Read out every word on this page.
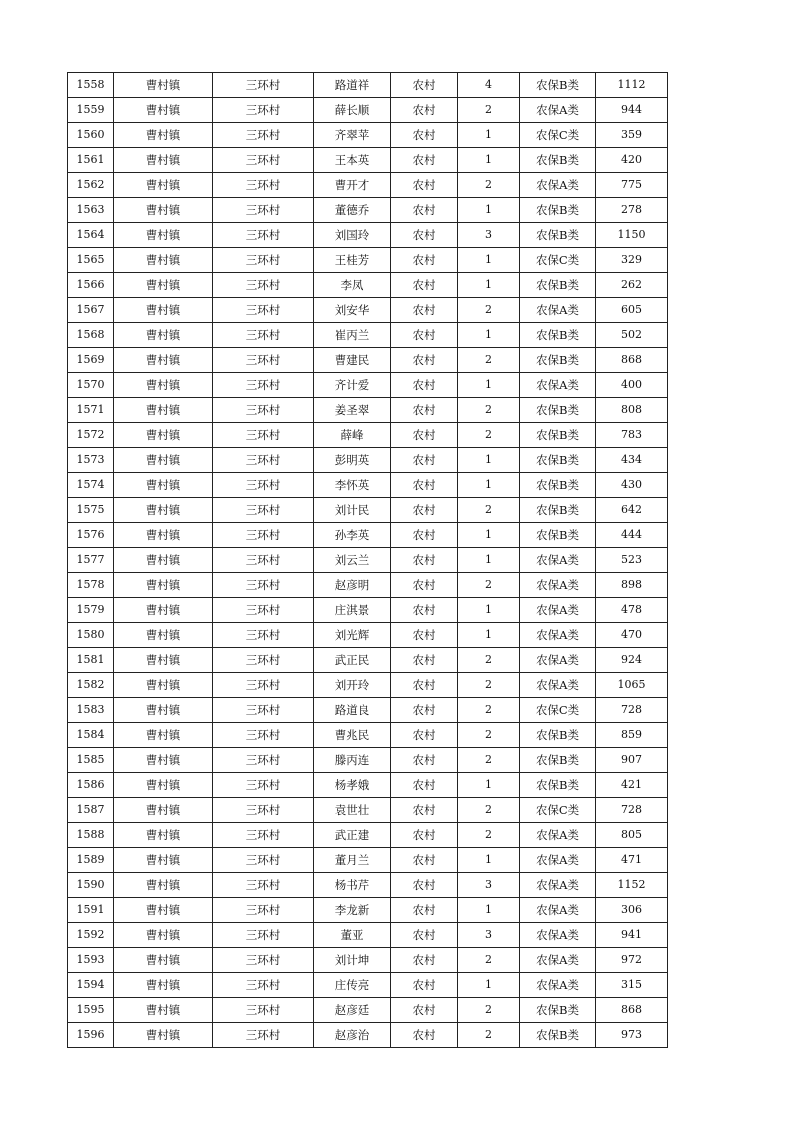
1558	曹村镇	三环村	路道祥	农村	4	农保B类	1112
1559	曹村镇	三环村	薛长顺	农村	2	农保A类	944
1560	曹村镇	三环村	齐翠苹	农村	1	农保C类	359
1561	曹村镇	三环村	王本英	农村	1	农保B类	420
1562	曹村镇	三环村	曹开才	农村	2	农保A类	775
1563	曹村镇	三环村	董德乔	农村	1	农保B类	278
1564	曹村镇	三环村	刘国玲	农村	3	农保B类	1150
1565	曹村镇	三环村	王桂芳	农村	1	农保C类	329
1566	曹村镇	三环村	李凤	农村	1	农保B类	262
1567	曹村镇	三环村	刘安华	农村	2	农保A类	605
1568	曹村镇	三环村	崔丙兰	农村	1	农保B类	502
1569	曹村镇	三环村	曹建民	农村	2	农保B类	868
1570	曹村镇	三环村	齐计爱	农村	1	农保A类	400
1571	曹村镇	三环村	姜圣翠	农村	2	农保B类	808
1572	曹村镇	三环村	薛峰	农村	2	农保B类	783
1573	曹村镇	三环村	彭明英	农村	1	农保B类	434
1574	曹村镇	三环村	李怀英	农村	1	农保B类	430
1575	曹村镇	三环村	刘计民	农村	2	农保B类	642
1576	曹村镇	三环村	孙李英	农村	1	农保B类	444
1577	曹村镇	三环村	刘云兰	农村	1	农保A类	523
1578	曹村镇	三环村	赵彦明	农村	2	农保A类	898
1579	曹村镇	三环村	庄淇景	农村	1	农保A类	478
1580	曹村镇	三环村	刘光辉	农村	1	农保A类	470
1581	曹村镇	三环村	武正民	农村	2	农保A类	924
1582	曹村镇	三环村	刘开玲	农村	2	农保A类	1065
1583	曹村镇	三环村	路道良	农村	2	农保C类	728
1584	曹村镇	三环村	曹兆民	农村	2	农保B类	859
1585	曹村镇	三环村	滕丙连	农村	2	农保B类	907
1586	曹村镇	三环村	杨孝娥	农村	1	农保B类	421
1587	曹村镇	三环村	袁世壮	农村	2	农保C类	728
1588	曹村镇	三环村	武正建	农村	2	农保A类	805
1589	曹村镇	三环村	董月兰	农村	1	农保A类	471
1590	曹村镇	三环村	杨书芹	农村	3	农保A类	1152
1591	曹村镇	三环村	李龙新	农村	1	农保A类	306
1592	曹村镇	三环村	董亚	农村	3	农保A类	941
1593	曹村镇	三环村	刘计坤	农村	2	农保A类	972
1594	曹村镇	三环村	庄传亮	农村	1	农保A类	315
1595	曹村镇	三环村	赵彦廷	农村	2	农保B类	868
1596	曹村镇	三环村	赵彦治	农村	2	农保B类	973
